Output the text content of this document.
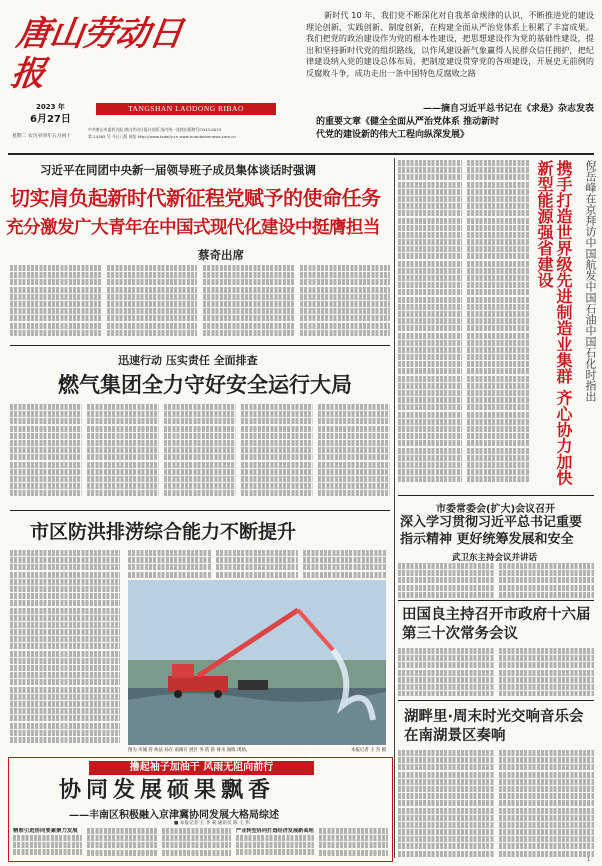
唐山劳动日报
TANGSHAN LAODONG RIBAO
2023 年
6月27日
星期二 农历癸卯年五月初十
中共唐山市委机关报 唐山劳动日报社出版 国内统一连续出版物号CN13-0015
第 24165 号 今日八版 网址 http://www.tsdaily.cn www.huanbohainews.com.cn
新时代 10 年，我们党不断深化对自我革命规律的认识，不断推进党的建设理论创新、实践创新、制度创新，在构建全面从严治党体系上积累了丰富成果。我们把党的政治建设作为党的根本性建设，把思想建设作为党的基础性建设，提出和坚持新时代党的组织路线，以作风建设新气象赢得人民群众信任拥护，把纪律建设纳入党的建设总体布局，把制度建设贯穿党的各项建设，开展史无前例的反腐败斗争，成功走出一条中国特色反腐败之路
——摘自习近平总书记在《求是》杂志发表
的重要文章《健全全面从严治党体系 推动新时
代党的建设新的伟大工程向纵深发展》
习近平在同团中央新一届领导班子成员集体谈话时强调
切实肩负起新时代新征程党赋予的使命任务
充分激发广大青年在中国式现代化建设中挺膺担当
蔡奇出席
迅速行动 压实责任 全面排查
燃气集团全力守好安全运行大局
市区防洪排涝综合能力不断提升
图为 市城 管 执法 局在 南湖开 展区 务 防 险 排水 演练 现场。	本报记者 王 杰 摄
撸起袖子加油干 风雨无阻向前行
协同发展硕果飘香
——丰南区积极融入京津冀协同发展大格局综述
■ 本报记者 王 李 莉 通讯员 陈 王 伟
精准引进协同要素聚力发展	产业转型协同打造经济发展新高地
携手打造世界级先进制造业集群 齐心协力加快新型能源强省建设	倪岳峰在京拜访中国航发中国石油中国石化时指出
市委常委会(扩大)会议召开
深入学习贯彻习近平总书记重要指示精神 更好统筹发展和安全
武卫东主持会议并讲话
田国良主持召开市政府十六届第三十次常务会议
湖畔里·周末时光交响音乐会在南湖景区奏响
1
